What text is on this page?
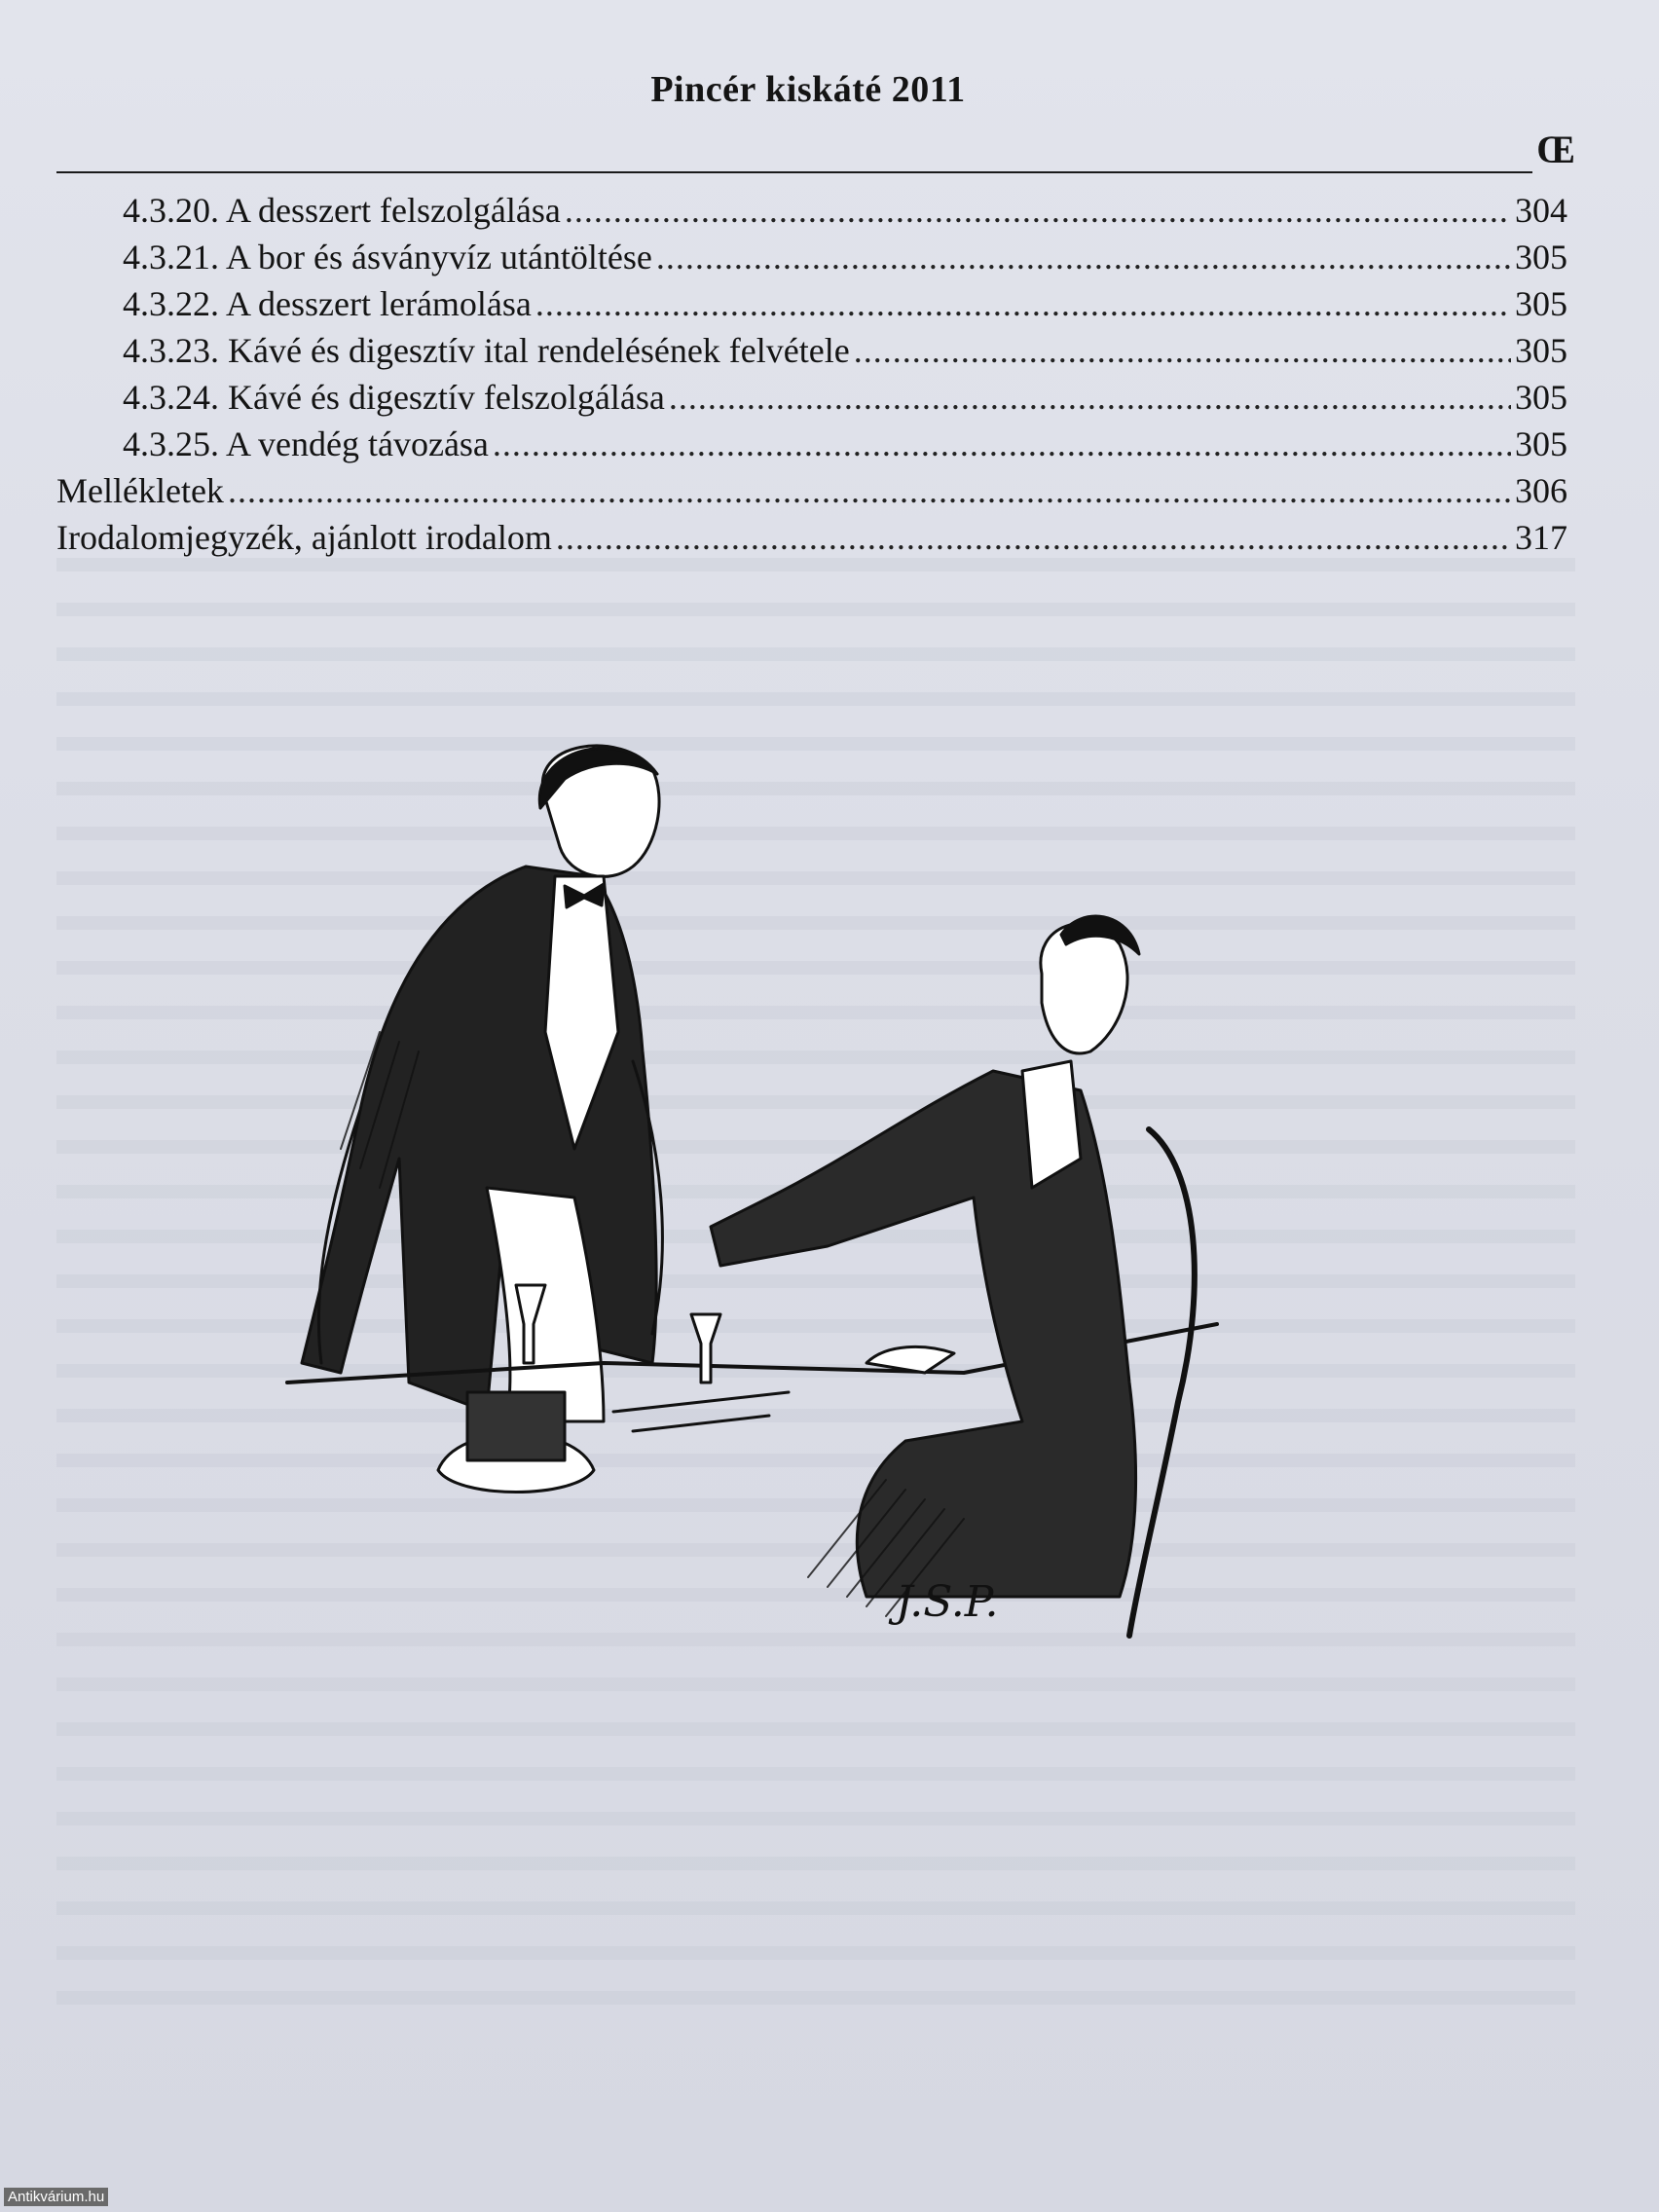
Pincér kiskáté 2011
Œ
4.3.20. A desszert felszolgálása . . .	304
4.3.21. A bor és ásványvíz utántöltése . . .	305
4.3.22. A desszert lerámolása . . .	305
4.3.23. Kávé és digesztív ital rendelésének felvétele . . .	305
4.3.24. Kávé és digesztív felszolgálása . . .	305
4.3.25. A vendég távozása . . .	305
Mellékletek . . .	306
Irodalomjegyzék, ajánlott irodalom . . .	317
J.S.P.
Antikvárium.hu
